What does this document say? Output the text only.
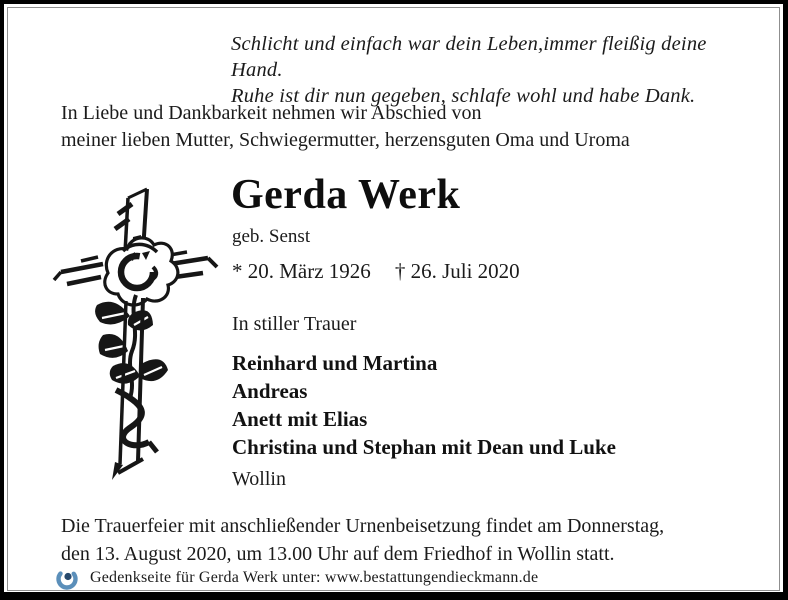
Schlicht und einfach war dein Leben,immer fleißig deine Hand.
Ruhe ist dir nun gegeben, schlafe wohl und habe Dank.
In Liebe und Dankbarkeit nehmen wir Abschied von
meiner lieben Mutter, Schwiegermutter, herzensguten Oma und Uroma
Gerda Werk
geb. Senst
* 20. März 1926 † 26. Juli 2020
In stiller Trauer
Reinhard und Martina
Andreas
Anett mit Elias
Christina und Stephan mit Dean und Luke
Wollin
Die Trauerfeier mit anschließender Urnenbeisetzung findet am Donnerstag,
den 13. August 2020, um 13.00 Uhr auf dem Friedhof in Wollin statt.
Gedenkseite für Gerda Werk unter: www.bestattungendieckmann.de
